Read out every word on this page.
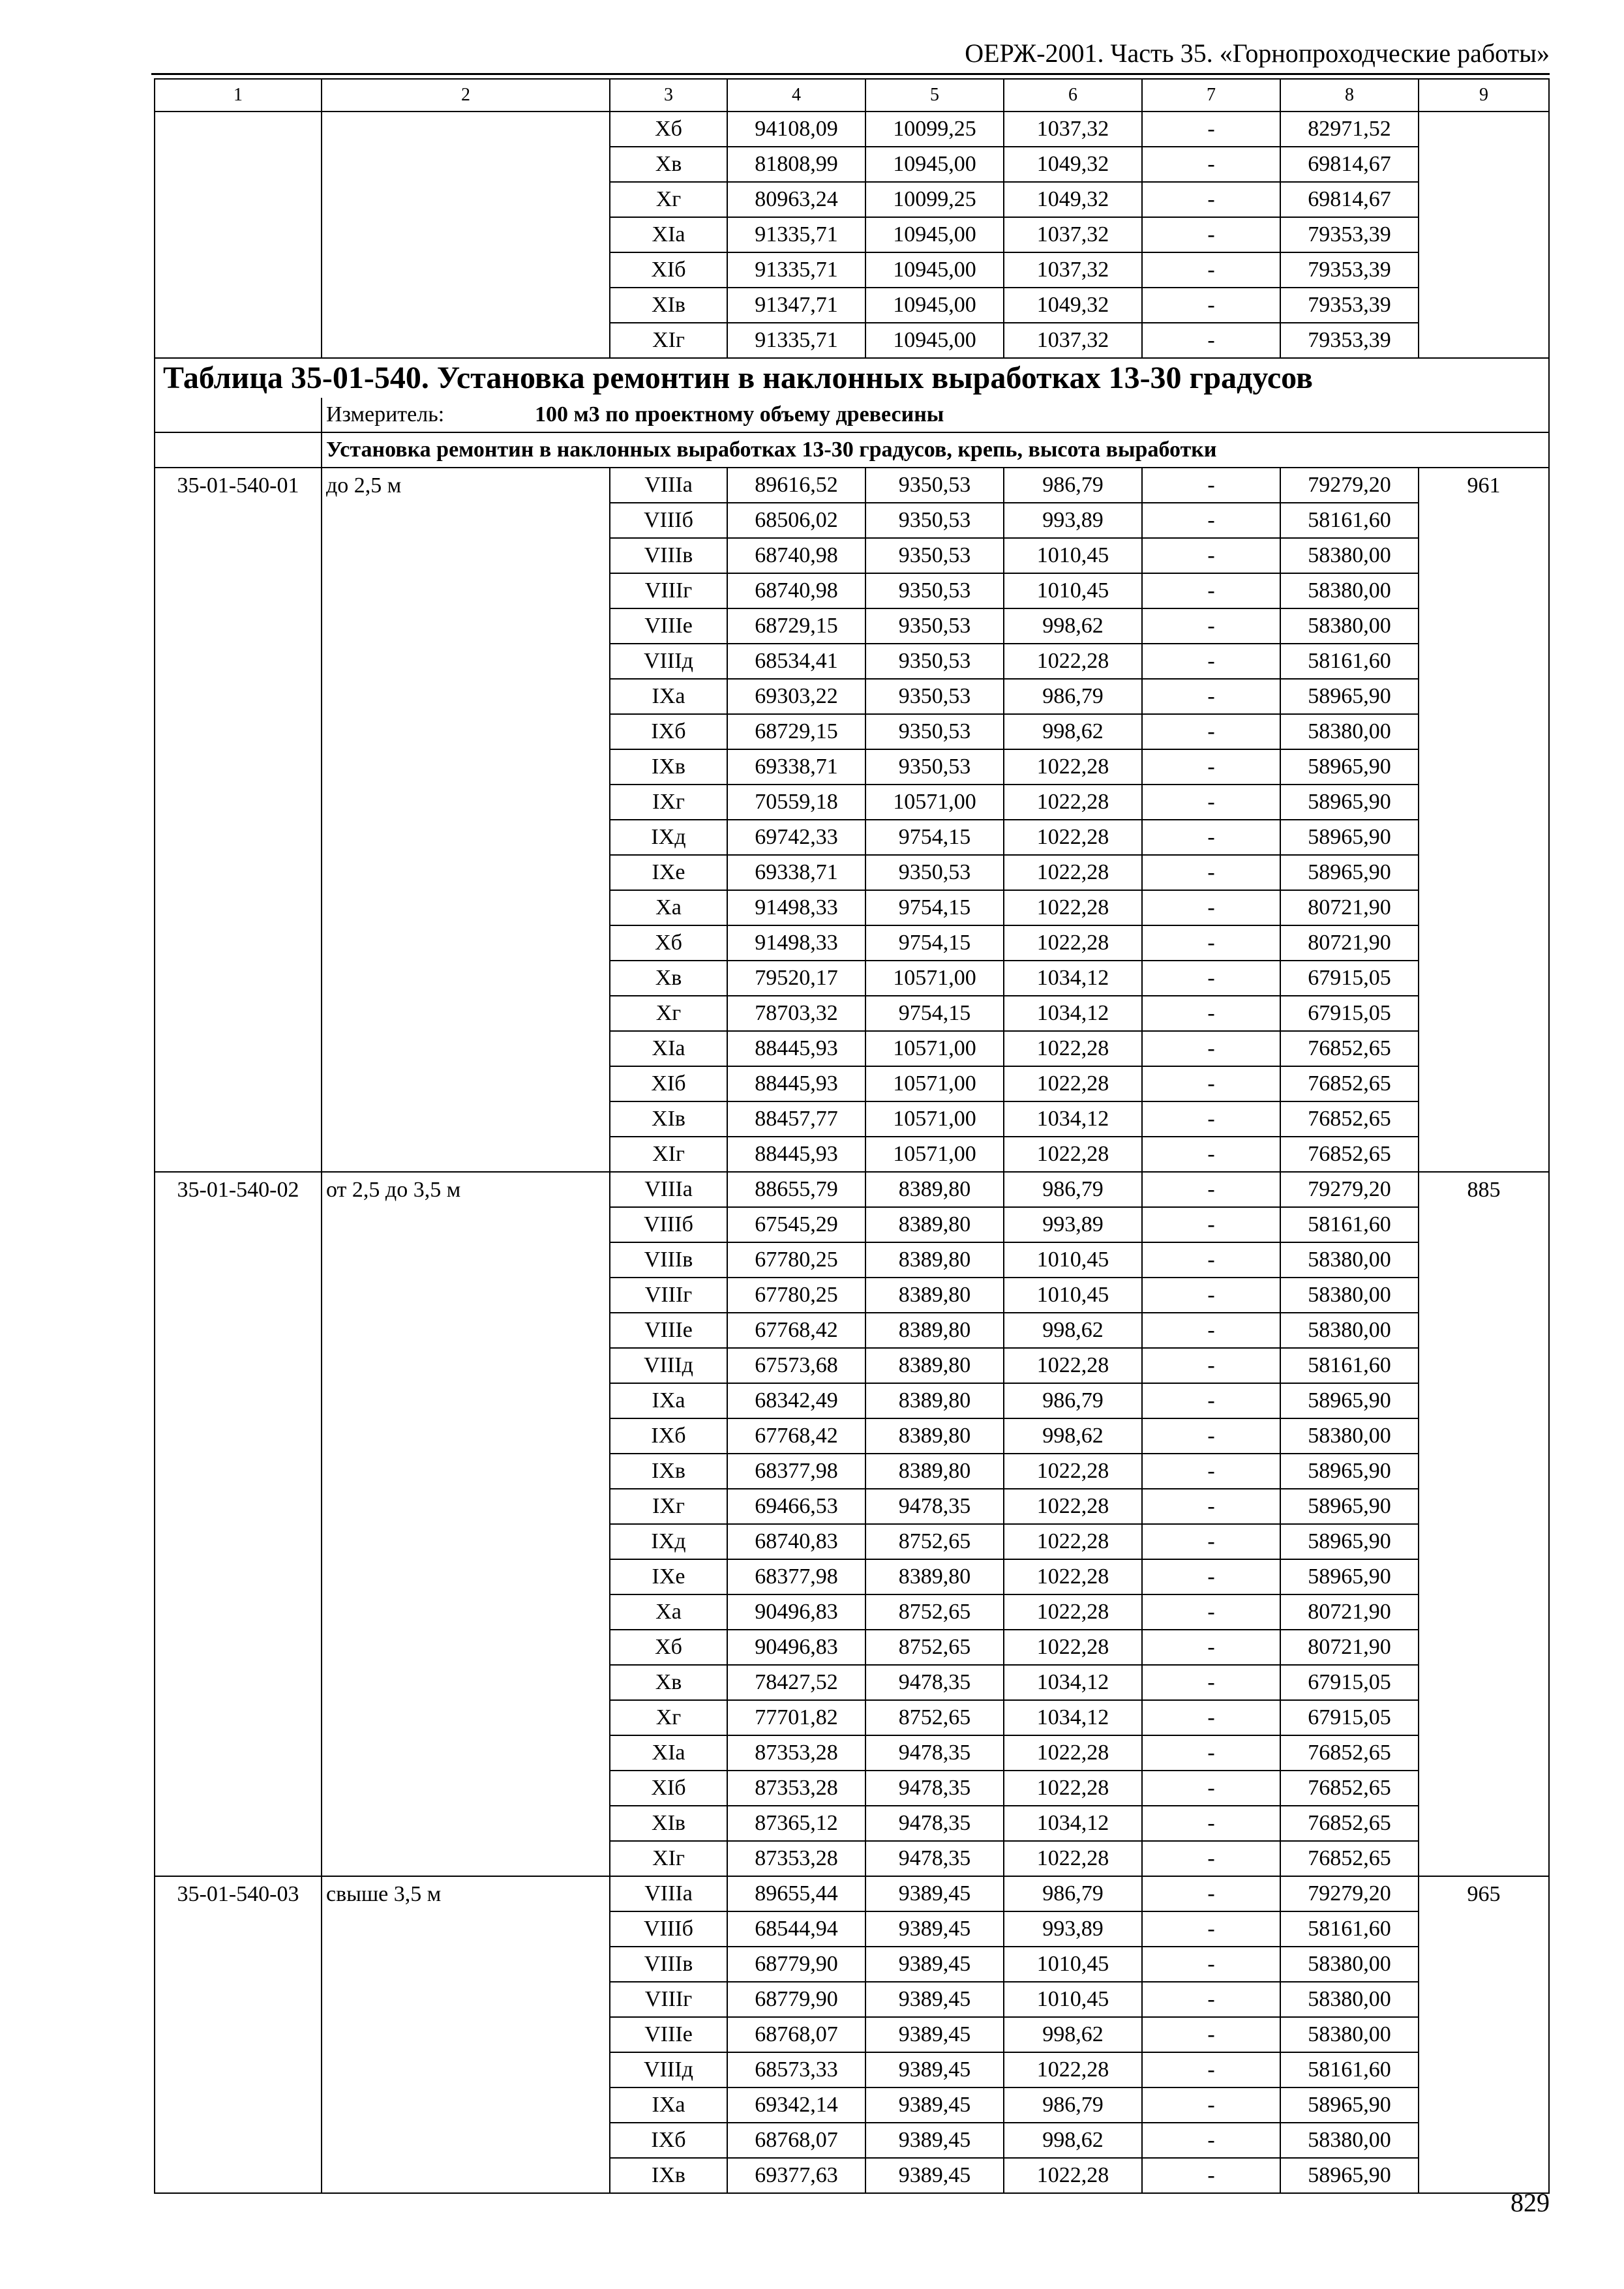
ОЕРЖ-2001. Часть 35. «Горнопроходческие работы»
1	2	3	4	5	6	7	8	9
		Xб	94108,09	10099,25	1037,32	-	82971,52	
		Xв	81808,99	10945,00	1049,32	-	69814,67	
		Xг	80963,24	10099,25	1049,32	-	69814,67	
		XIа	91335,71	10945,00	1037,32	-	79353,39	
		XIб	91335,71	10945,00	1037,32	-	79353,39	
		XIв	91347,71	10945,00	1049,32	-	79353,39	
		XIг	91335,71	10945,00	1037,32	-	79353,39	
Таблица 35-01-540. Установка ремонтин в наклонных выработках 13-30 градусов								
	Измеритель: 100 м3 по проектному объему древесины							
	Установка ремонтин в наклонных выработках 13-30 градусов, крепь, высота выработки							
35-01-540-01	до 2,5 м	VIIIа	89616,52	9350,53	986,79	-	79279,20	961
		VIIIб	68506,02	9350,53	993,89	-	58161,60	
		VIIIв	68740,98	9350,53	1010,45	-	58380,00	
		VIIIг	68740,98	9350,53	1010,45	-	58380,00	
		VIIIе	68729,15	9350,53	998,62	-	58380,00	
		VIIIд	68534,41	9350,53	1022,28	-	58161,60	
		IXа	69303,22	9350,53	986,79	-	58965,90	
		IXб	68729,15	9350,53	998,62	-	58380,00	
		IXв	69338,71	9350,53	1022,28	-	58965,90	
		IXг	70559,18	10571,00	1022,28	-	58965,90	
		IXд	69742,33	9754,15	1022,28	-	58965,90	
		IXе	69338,71	9350,53	1022,28	-	58965,90	
		Xа	91498,33	9754,15	1022,28	-	80721,90	
		Xб	91498,33	9754,15	1022,28	-	80721,90	
		Xв	79520,17	10571,00	1034,12	-	67915,05	
		Xг	78703,32	9754,15	1034,12	-	67915,05	
		XIа	88445,93	10571,00	1022,28	-	76852,65	
		XIб	88445,93	10571,00	1022,28	-	76852,65	
		XIв	88457,77	10571,00	1034,12	-	76852,65	
		XIг	88445,93	10571,00	1022,28	-	76852,65	
35-01-540-02	от 2,5 до 3,5 м	VIIIа	88655,79	8389,80	986,79	-	79279,20	885
		VIIIб	67545,29	8389,80	993,89	-	58161,60	
		VIIIв	67780,25	8389,80	1010,45	-	58380,00	
		VIIIг	67780,25	8389,80	1010,45	-	58380,00	
		VIIIе	67768,42	8389,80	998,62	-	58380,00	
		VIIIд	67573,68	8389,80	1022,28	-	58161,60	
		IXа	68342,49	8389,80	986,79	-	58965,90	
		IXб	67768,42	8389,80	998,62	-	58380,00	
		IXв	68377,98	8389,80	1022,28	-	58965,90	
		IXг	69466,53	9478,35	1022,28	-	58965,90	
		IXд	68740,83	8752,65	1022,28	-	58965,90	
		IXе	68377,98	8389,80	1022,28	-	58965,90	
		Xа	90496,83	8752,65	1022,28	-	80721,90	
		Xб	90496,83	8752,65	1022,28	-	80721,90	
		Xв	78427,52	9478,35	1034,12	-	67915,05	
		Xг	77701,82	8752,65	1034,12	-	67915,05	
		XIа	87353,28	9478,35	1022,28	-	76852,65	
		XIб	87353,28	9478,35	1022,28	-	76852,65	
		XIв	87365,12	9478,35	1034,12	-	76852,65	
		XIг	87353,28	9478,35	1022,28	-	76852,65	
35-01-540-03	свыше 3,5 м	VIIIа	89655,44	9389,45	986,79	-	79279,20	965
		VIIIб	68544,94	9389,45	993,89	-	58161,60	
		VIIIв	68779,90	9389,45	1010,45	-	58380,00	
		VIIIг	68779,90	9389,45	1010,45	-	58380,00	
		VIIIе	68768,07	9389,45	998,62	-	58380,00	
		VIIIд	68573,33	9389,45	1022,28	-	58161,60	
		IXа	69342,14	9389,45	986,79	-	58965,90	
		IXб	68768,07	9389,45	998,62	-	58380,00	
		IXв	69377,63	9389,45	1022,28	-	58965,90	
829
